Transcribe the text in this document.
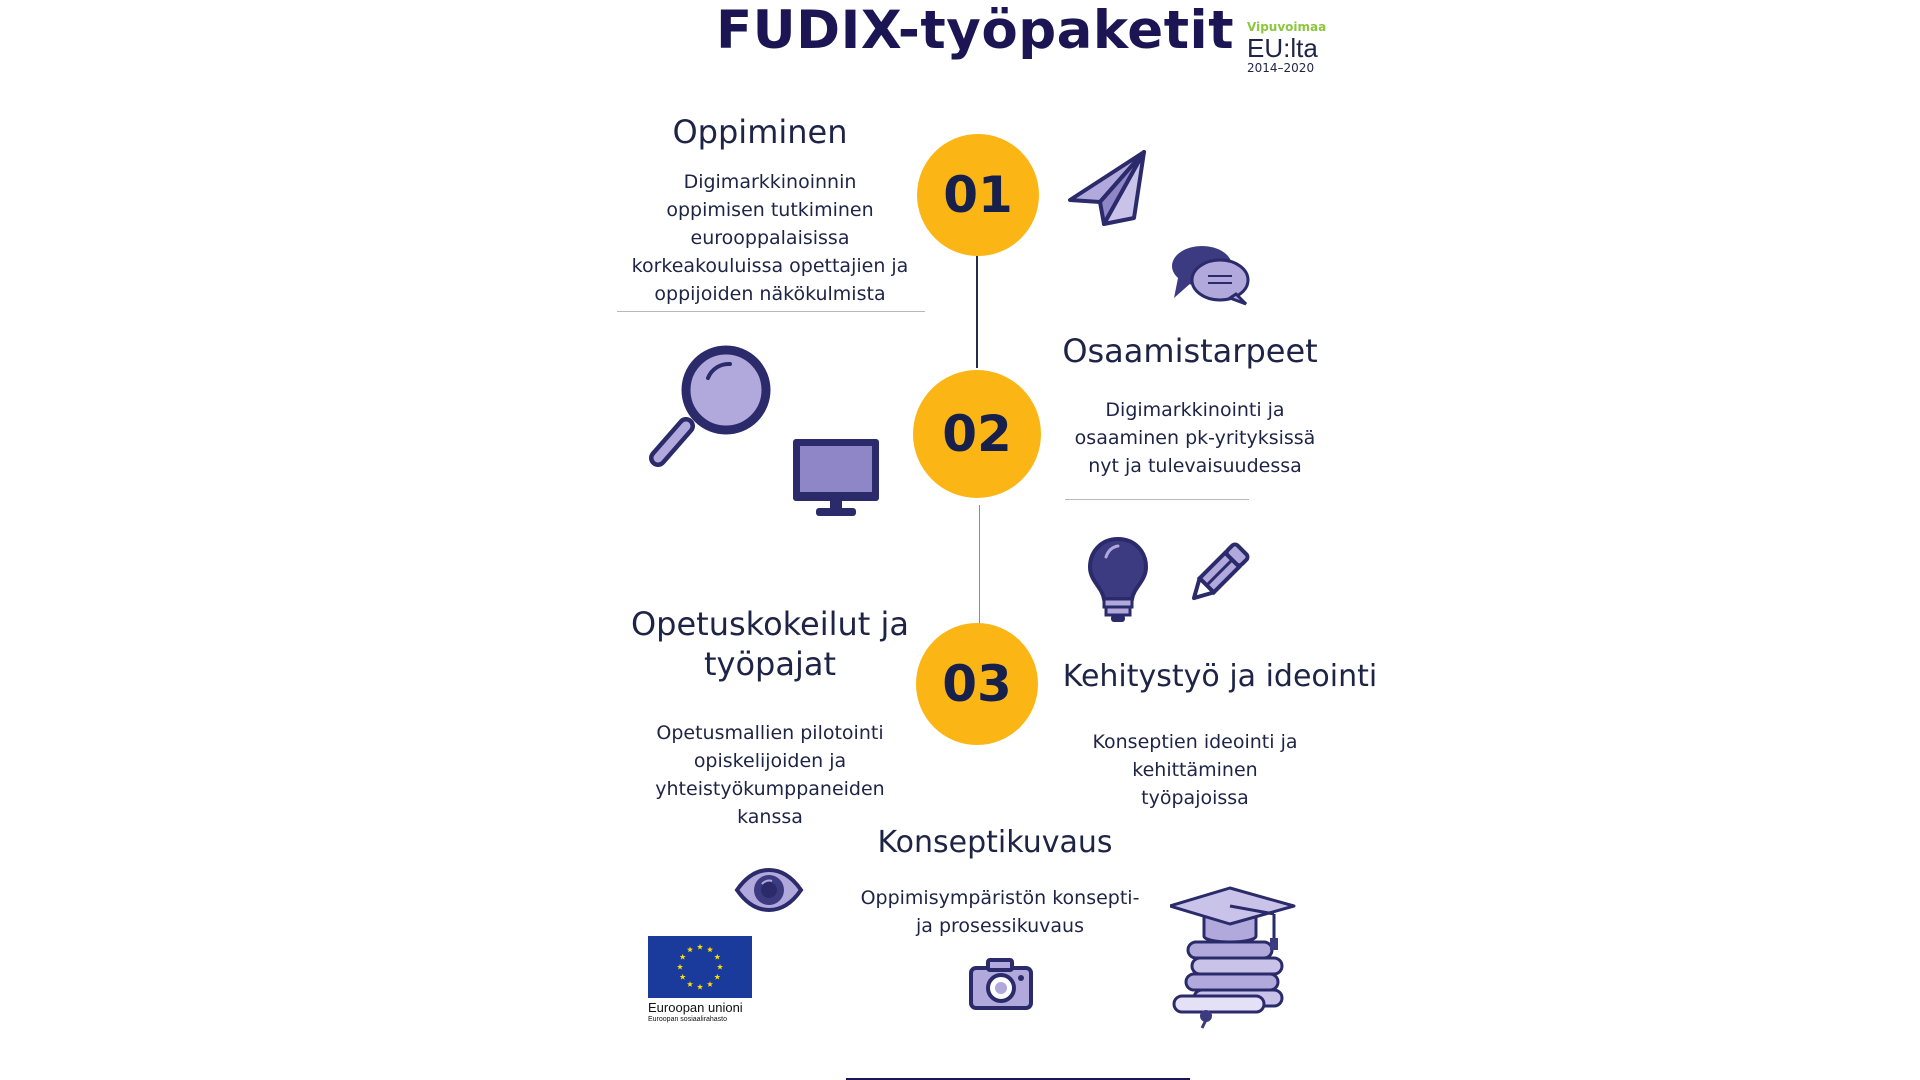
FUDIX-työpaketit	Vipuvoimaa
EU:lta
2014–2020
Oppiminen
Digimarkkinoinnin
oppimisen tutkiminen
eurooppalaisissa
korkeakouluissa opettajien ja
oppijoiden näkökulmista
01
02
Osaamistarpeet
Digimarkkinointi ja
osaaminen pk-yrityksissä
nyt ja tulevaisuudessa
03
Opetuskokeilut ja
työpajat
Opetusmallien pilotointi
opiskelijoiden ja
yhteistyökumppaneiden
kanssa
Kehitystyö ja ideointi
Konseptien ideointi ja
kehittäminen
työpajoissa
Konseptikuvaus
Oppimisympäristön konsepti-
ja prosessikuvaus
Euroopan unioni
Euroopan sosiaalirahasto
